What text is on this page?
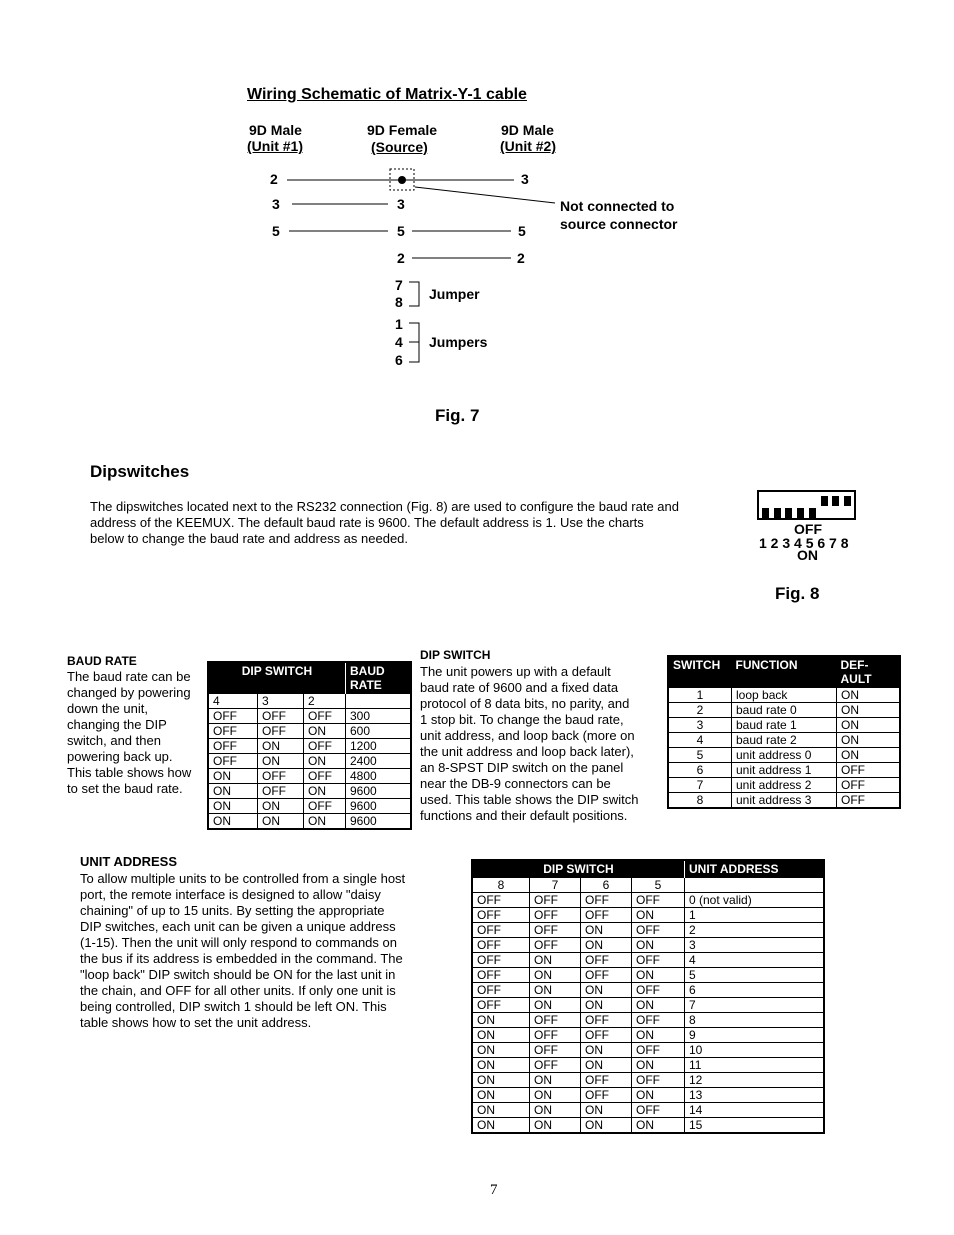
Wiring Schematic of Matrix-Y-1 cable
9D Male
(Unit #1)
9D Female
(Source)
9D Male
(Unit #2)
2
3
5
3
5
2
3
5
2
Not connected to
source connector
7
8 Jumper
1
4
6
Jumpers
Fig. 7
Dipswitches
The dipswitches located next to the RS232 connection (Fig. 8) are used to configure the baud rate and
address of the KEEMUX. The default baud rate is 9600. The default address is 1. Use the charts
below to change the baud rate and address as needed.
OFF
1 2 3 4 5 6 7 8
ON
Fig. 8
BAUD RATE
The baud rate can be
changed by powering
down the unit,
changing the DIP
switch, and then
powering back up.
This table shows how
to set the baud rate.
DIP SWITCH			BAUD
RATE

4	3	2	
OFF	OFF	OFF	300
OFF	OFF	ON	600
OFF	ON	OFF	1200
OFF	ON	ON	2400
ON	OFF	OFF	4800
ON	OFF	ON	9600
ON	ON	OFF	9600
ON	ON	ON	9600
DIP SWITCH
The unit powers up with a default
baud rate of 9600 and a fixed data
protocol of 8 data bits, no parity, and
1 stop bit. To change the baud rate,
unit address, and loop back (more on
the unit address and loop back later),
an 8-SPST DIP switch on the panel
near the DB-9 connectors can be
used. This table shows the DIP switch
functions and their default positions.
SWITCH	FUNCTION	DEF-
AULT

1	loop back	ON
2	baud rate 0	ON
3	baud rate 1	ON
4	baud rate 2	ON
5	unit address 0	ON
6	unit address 1	OFF
7	unit address 2	OFF
8	unit address 3	OFF
UNIT ADDRESS
To allow multiple units to be controlled from a single host
port, the remote interface is designed to allow "daisy
chaining" of up to 15 units. By setting the appropriate
DIP switches, each unit can be given a unique address
(1-15). Then the unit will only respond to commands on
the bus if its address is embedded in the command. The
"loop back" DIP switch should be ON for the last unit in
the chain, and OFF for all other units. If only one unit is
being controlled, DIP switch 1 should be left ON. This
table shows how to set the unit address.
DIP SWITCH				UNIT ADDRESS
8	7	6	5	
OFF	OFF	OFF	OFF	0 (not valid)
OFF	OFF	OFF	ON	1
OFF	OFF	ON	OFF	2
OFF	OFF	ON	ON	3
OFF	ON	OFF	OFF	4
OFF	ON	OFF	ON	5
OFF	ON	ON	OFF	6
OFF	ON	ON	ON	7
ON	OFF	OFF	OFF	8
ON	OFF	OFF	ON	9
ON	OFF	ON	OFF	10
ON	OFF	ON	ON	11
ON	ON	OFF	OFF	12
ON	ON	OFF	ON	13
ON	ON	ON	OFF	14
ON	ON	ON	ON	15
7
